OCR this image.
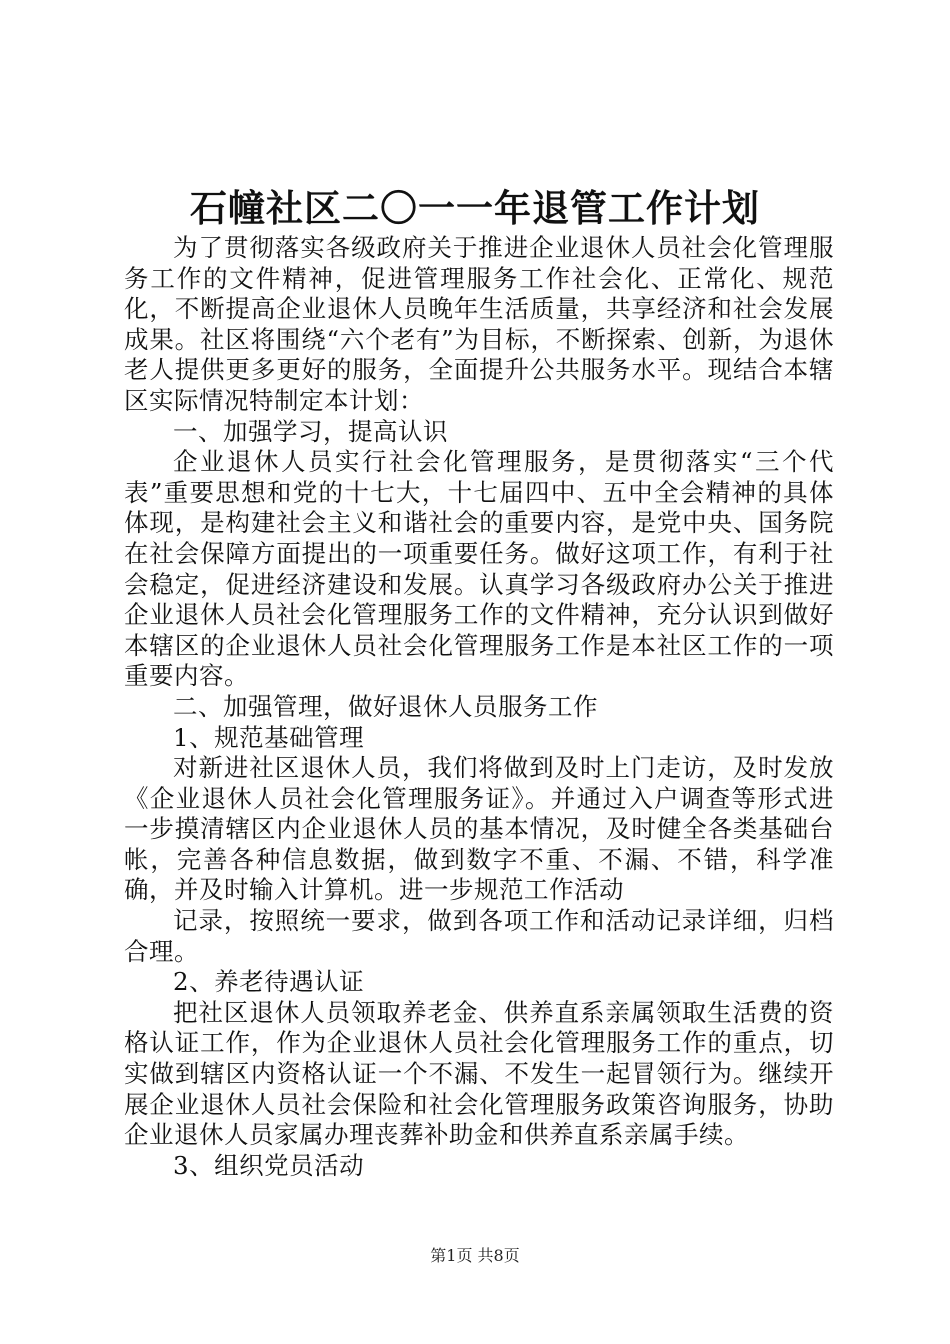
石幢社区二〇一一年退管工作计划

为了贯彻落实各级政府关于推进企业退休人员社会化管理服务工作的文件精神，促进管理服务工作社会化、正常化、规范化，不断提高企业退休人员晚年生活质量，共享经济和社会发展成果。社区将围绕“六个老有”为目标，不断探索、创新，为退休老人提供更多更好的服务，全面提升公共服务水平。现结合本辖区实际情况特制定本计划：

一、加强学习，提高认识

企业退休人员实行社会化管理服务，是贯彻落实“三个代表”重要思想和党的十七大，十七届四中、五中全会精神的具体体现，是构建社会主义和谐社会的重要内容，是党中央、国务院在社会保障方面提出的一项重要任务。做好这项工作，有利于社会稳定，促进经济建设和发展。认真学习各级政府办公关于推进企业退休人员社会化管理服务工作的文件精神，充分认识到做好本辖区的企业退休人员社会化管理服务工作是本社区工作的一项重要内容。

二、加强管理，做好退休人员服务工作

1、规范基础管理

对新进社区退休人员，我们将做到及时上门走访，及时发放《企业退休人员社会化管理服务证》。并通过入户调查等形式进一步摸清辖区内企业退休人员的基本情况，及时健全各类基础台帐，完善各种信息数据，做到数字不重、不漏、不错，科学准确，并及时输入计算机。进一步规范工作活动

记录，按照统一要求，做到各项工作和活动记录详细，归档合理。

2、养老待遇认证

把社区退休人员领取养老金、供养直系亲属领取生活费的资格认证工作，作为企业退休人员社会化管理服务工作的重点，切实做到辖区内资格认证一个不漏、不发生一起冒领行为。继续开展企业退休人员社会保险和社会化管理服务政策咨询服务，协助企业退休人员家属办理丧葬补助金和供养直系亲属手续。

3、组织党员活动

第1页 共8页
